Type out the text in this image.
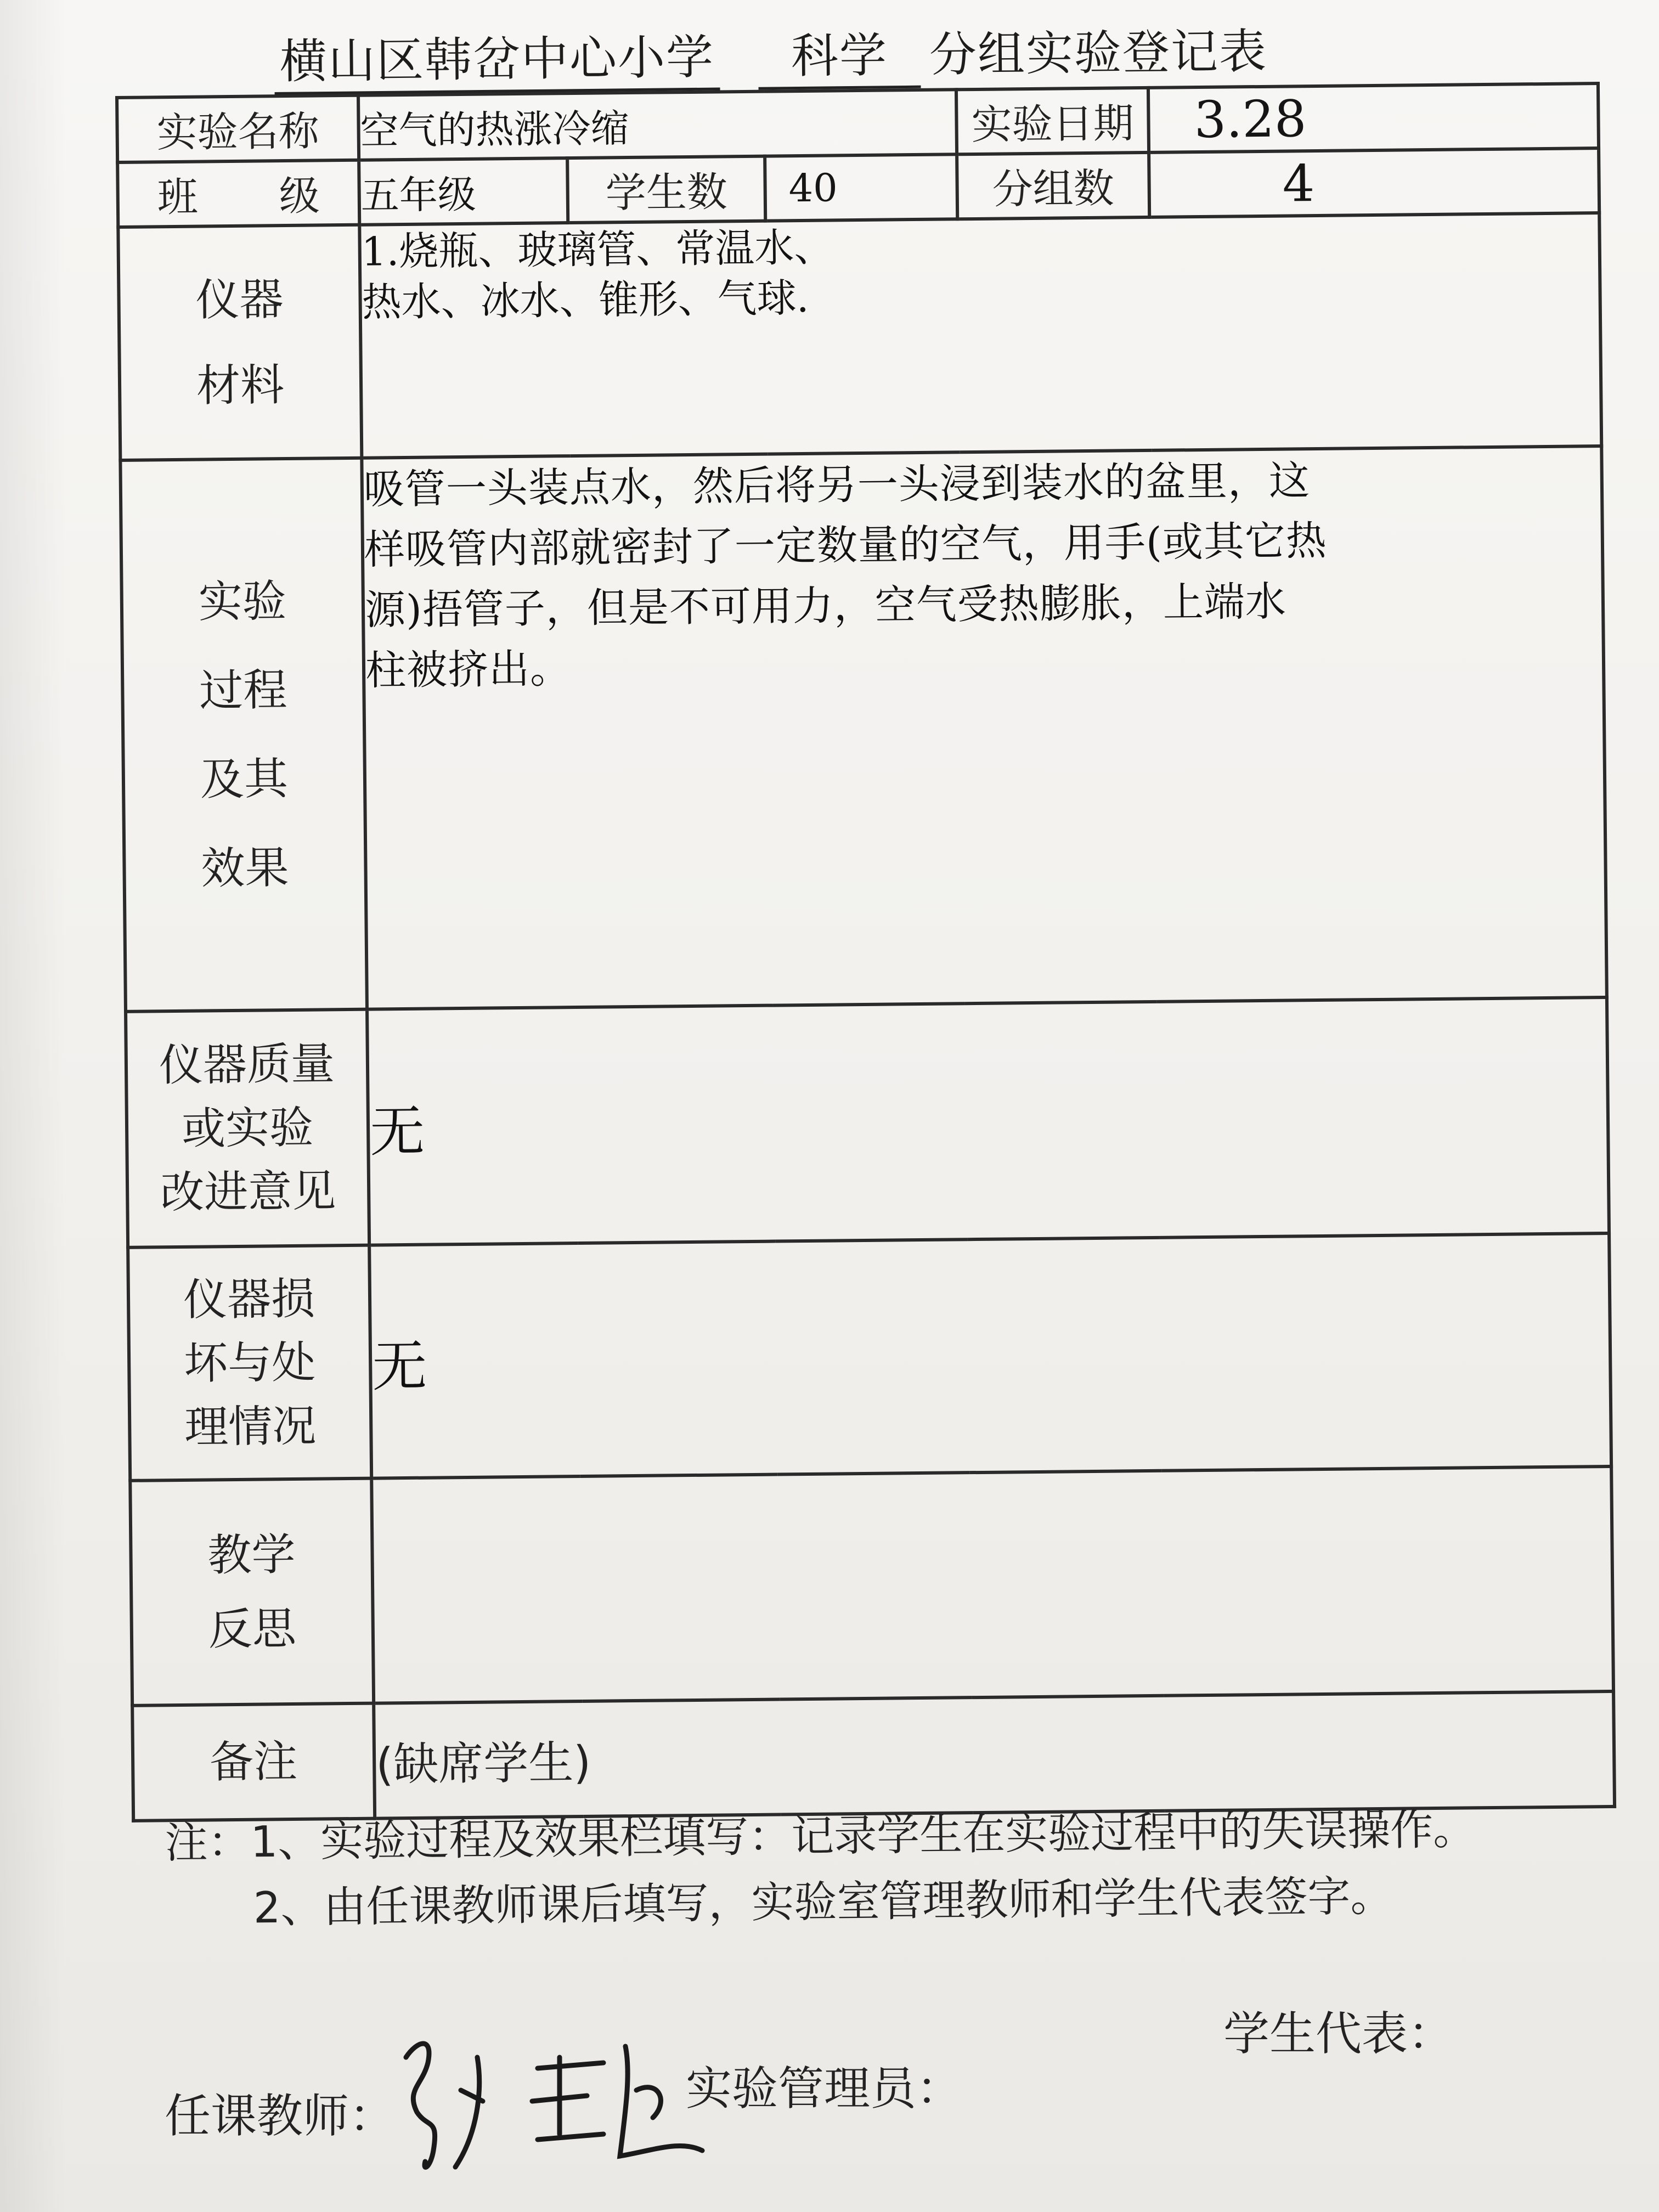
横山区韩岔中心小学 科学 分组实验登记表
实验名称	空气的热涨冷缩			实验日期	3.28
班　　级	五年级	学生数	40	分组数	4

仪器
材料	1.烧瓶、玻璃管、常温水、
热水、冰水、锥形、气球.				

实验
过程
及其
效果	吸管一头装点水，然后将另一头浸到装水的盆里，这
样吸管内部就密封了一定数量的空气，用手(或其它热
源)捂管子，但是不可用力，空气受热膨胀，上端水
柱被挤出。				

仪器质量
或实验
改进意见	无				

仪器损
坏与处
理情况	无				

教学
反思					

备注	(缺席学生)				
注：1、实验过程及效果栏填写：记录学生在实验过程中的失误操作。
2、由任课教师课后填写，实验室管理教师和学生代表签字。
任课教师：
实验管理员：
学生代表：
